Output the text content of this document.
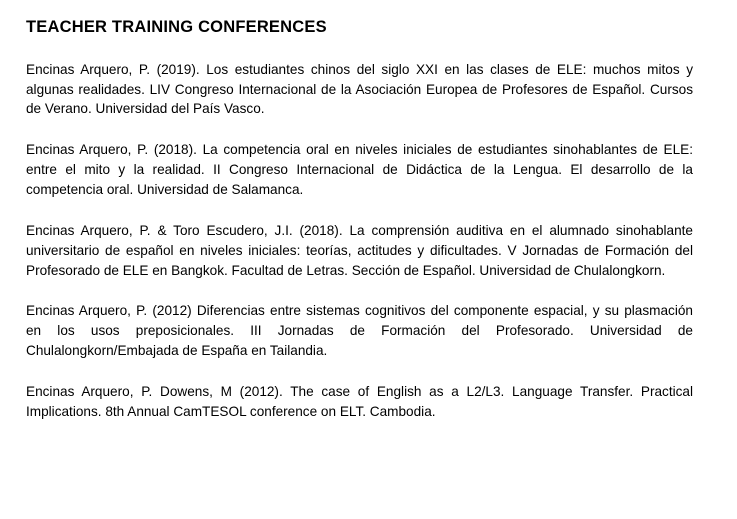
TEACHER TRAINING CONFERENCES

Encinas Arquero, P. (2019). Los estudiantes chinos del siglo XXI en las clases de ELE: muchos mitos y algunas realidades. LIV Congreso Internacional de la Asociación Europea de Profesores de Español. Cursos de Verano. Universidad del País Vasco.

Encinas Arquero, P. (2018). La competencia oral en niveles iniciales de estudiantes sinohablantes de ELE: entre el mito y la realidad. II Congreso Internacional de Didáctica de la Lengua. El desarrollo de la competencia oral. Universidad de Salamanca.

Encinas Arquero, P. & Toro Escudero, J.I. (2018). La comprensión auditiva en el alumnado sinohablante universitario de español en niveles iniciales: teorías, actitudes y dificultades. V Jornadas de Formación del Profesorado de ELE en Bangkok. Facultad de Letras. Sección de Español. Universidad de Chulalongkorn.

Encinas Arquero, P. (2012) Diferencias entre sistemas cognitivos del componente espacial, y su plasmación en los usos preposicionales. III Jornadas de Formación del Profesorado. Universidad de Chulalongkorn/Embajada de España en Tailandia.

Encinas Arquero, P. Dowens, M (2012). The case of English as a L2/L3. Language Transfer. Practical Implications. 8th Annual CamTESOL conference on ELT. Cambodia.
